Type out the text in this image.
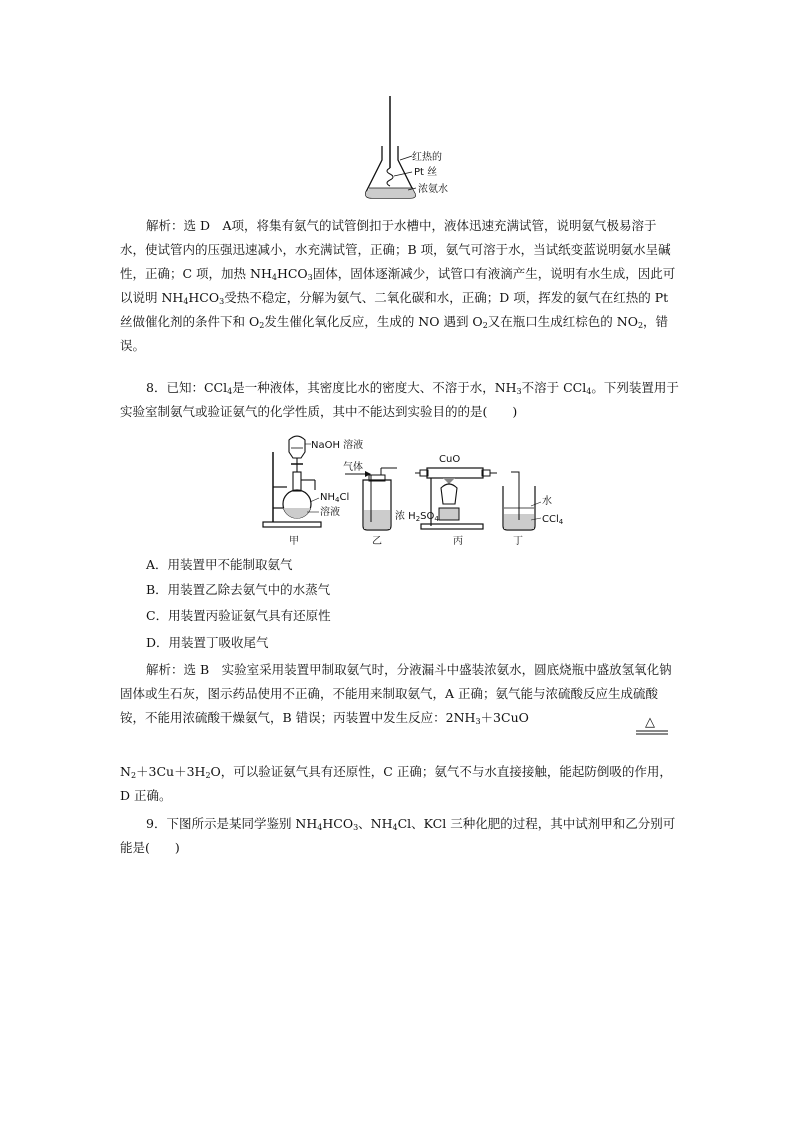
红热的
Pt 丝
浓氨水
解析：选 D　A项，将集有氨气的试管倒扣于水槽中，液体迅速充满试管，说明氨气极易溶于水，使试管内的压强迅速减小，水充满试管，正确；B 项，氨气可溶于水，当试纸变蓝说明氨水呈碱性，正确；C 项，加热 $NH_4HCO_3$固体，固体逐渐减少，试管口有液滴产生，说明有水生成，因此可以说明 $NH_4HCO_3$受热不稳定，分解为氨气、二氧化碳和水，正确；D 项，挥发的氨气在红热的 Pt 丝做催化剂的条件下和 $O_2$发生催化氧化反应，生成的 NO 遇到 $O_2$又在瓶口生成红棕色的 $NO_2$，错误。
8．已知：CCl$_4$是一种液体，其密度比水的密度大、不溶于水，$NH_3$不溶于 CCl$_4$。下列装置用于实验室制氨气或验证氨气的化学性质，其中不能达到实验目的的是(　　)
NaOH 溶液
$NH_4Cl$
溶液
甲
气体
浓 $H_2SO_4$
乙
CuO
丙
水
CCl$_4$
丁
A．用装置甲不能制取氨气
B．用装置乙除去氨气中的水蒸气
C．用装置丙验证氨气具有还原性
D．用装置丁吸收尾气
解析：选 B　实验室采用装置甲制取氨气时，分液漏斗中盛装浓氨水，圆底烧瓶中盛放氢氧化钠固体或生石灰，图示药品使用不正确，不能用来制取氨气，A 正确；氨气能与浓硫酸反应生成硫酸铵，不能用浓硫酸干燥氨气，B 错误；丙装置中发生反应：$2NH_3+3CuO$	△
$N_2+3Cu+3H_2O$，可以验证氨气具有还原性，C 正确；氨气不与水直接接触，能起防倒吸的作用，D 正确。
9．下图所示是某同学鉴别 $NH_4HCO_3$、$NH_4Cl$、KCl 三种化肥的过程，其中试剂甲和乙分别可能是(　　)
